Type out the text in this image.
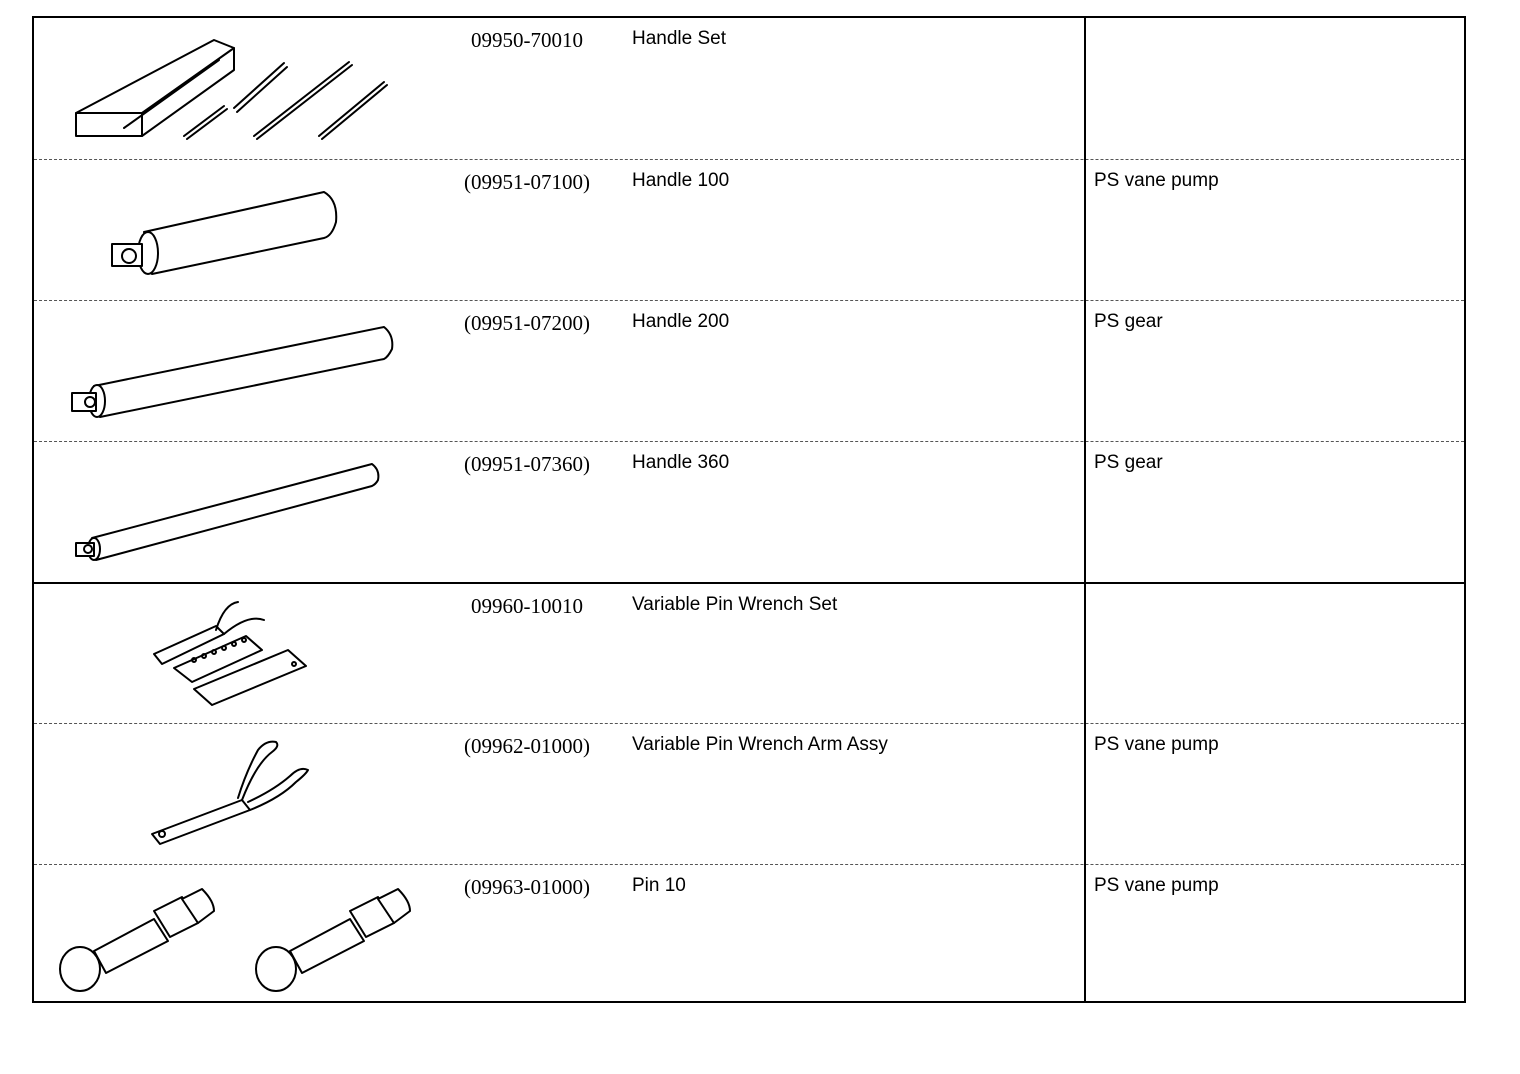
09950-70010	Handle Set
(09951-07100)	Handle 100	PS vane pump
(09951-07200)	Handle 200	PS gear
(09951-07360)	Handle 360	PS gear
09960-10010	Variable Pin Wrench Set
(09962-01000)	Variable Pin Wrench Arm Assy	PS vane pump
(09963-01000)	Pin 10	PS vane pump
